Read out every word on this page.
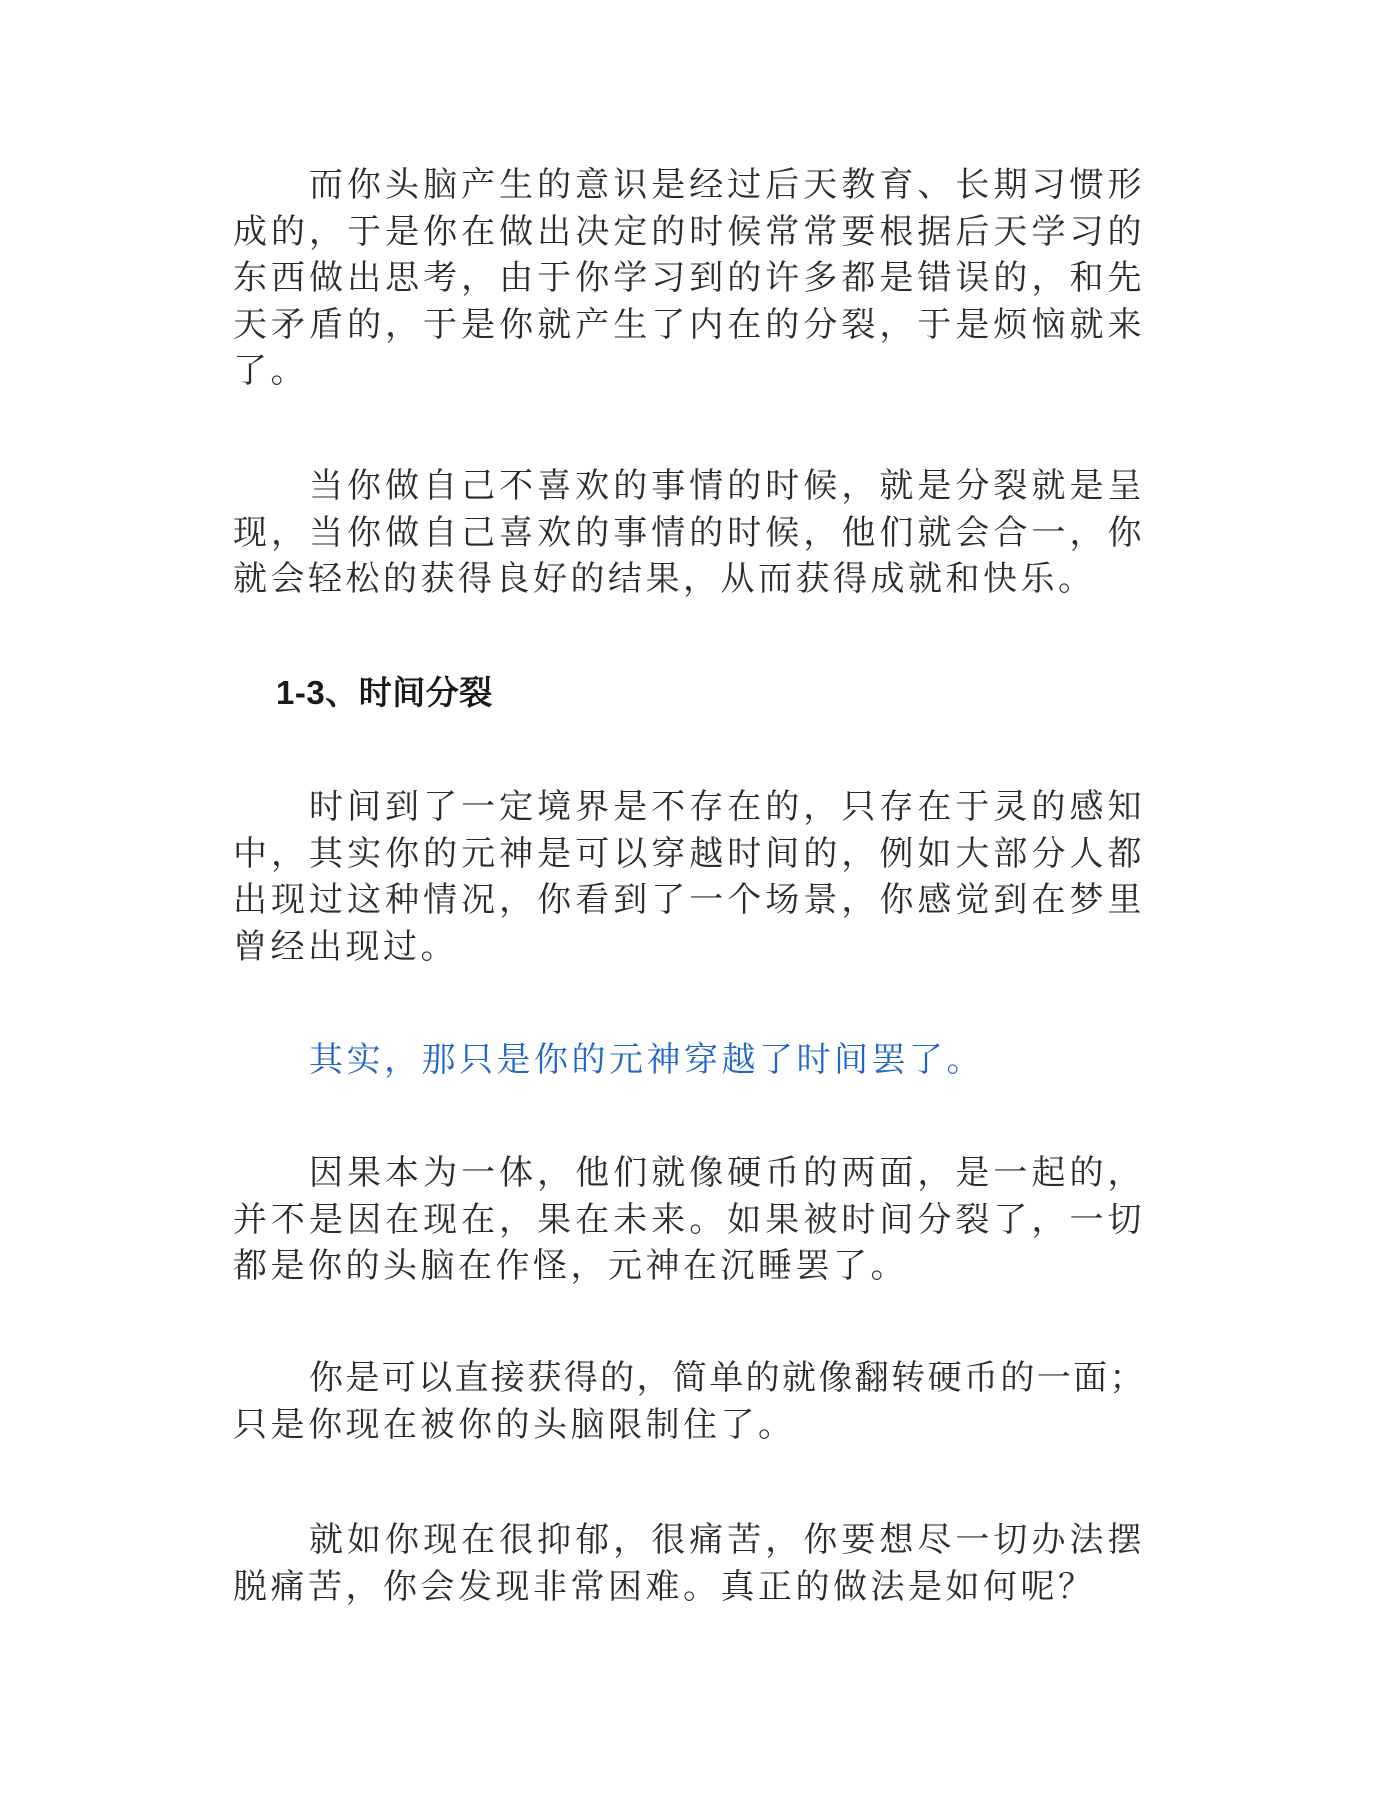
而你头脑产生的意识是经过后天教育、长期习惯形
成的，于是你在做出决定的时候常常要根据后天学习的
东西做出思考，由于你学习到的许多都是错误的，和先
天矛盾的，于是你就产生了内在的分裂，于是烦恼就来
了。
当你做自己不喜欢的事情的时候，就是分裂就是呈
现，当你做自己喜欢的事情的时候，他们就会合一，你
就会轻松的获得良好的结果，从而获得成就和快乐。
1-3、时间分裂
时间到了一定境界是不存在的，只存在于灵的感知
中，其实你的元神是可以穿越时间的，例如大部分人都
出现过这种情况，你看到了一个场景，你感觉到在梦里
曾经出现过。
其实，那只是你的元神穿越了时间罢了。
因果本为一体，他们就像硬币的两面，是一起的，
并不是因在现在，果在未来。如果被时间分裂了，一切
都是你的头脑在作怪，元神在沉睡罢了。
你是可以直接获得的，简单的就像翻转硬币的一面；
只是你现在被你的头脑限制住了。
就如你现在很抑郁，很痛苦，你要想尽一切办法摆
脱痛苦，你会发现非常困难。真正的做法是如何呢？
